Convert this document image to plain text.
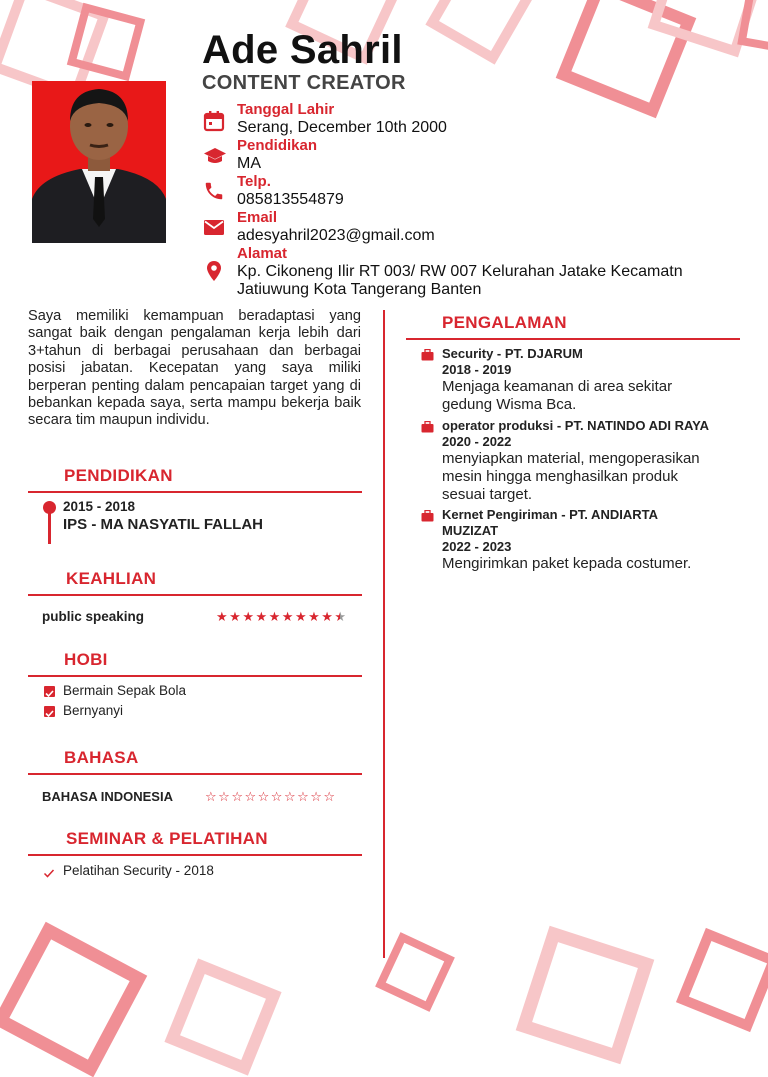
Ade Sahril
CONTENT CREATOR
Tanggal Lahir
Serang, December 10th 2000
Pendidikan
MA
Telp.
085813554879
Email
adesyahril2023@gmail.com
Alamat
Kp. Cikoneng Ilir RT 003/ RW 007 Kelurahan Jatake Kecamatn
Jatiuwung Kota Tangerang Banten
Saya memiliki kemampuan beradaptasi yang sangat baik dengan pengalaman kerja lebih dari 3+tahun di berbagai perusahaan dan berbagai posisi jabatan. Kecepatan yang saya miliki berperan penting dalam pencapaian target yang di bebankan kepada saya, serta mampu bekerja baik secara tim maupun individu.
PENDIDIKAN
2015 - 2018
IPS - MA NASYATIL FALLAH
KEAHLIAN
public speaking	★ ★ ★ ★ ★ ★ ★ ★ ★ ★
HOBI
Bermain Sepak Bola
Bernyanyi
BAHASA
BAHASA INDONESIA ☆ ☆ ☆ ☆ ☆ ☆ ☆ ☆ ☆ ☆
SEMINAR & PELATIHAN
Pelatihan Security - 2018
PENGALAMAN
Security - PT. DJARUM
2018 - 2019
Menjaga keamanan di area sekitar
gedung Wisma Bca.
operator produksi - PT. NATINDO ADI RAYA
2020 - 2022
menyiapkan material, mengoperasikan
mesin hingga menghasilkan produk
sesuai target.
Kernet Pengiriman - PT. ANDIARTA
MUZIZAT
2022 - 2023
Mengirimkan paket kepada costumer.
